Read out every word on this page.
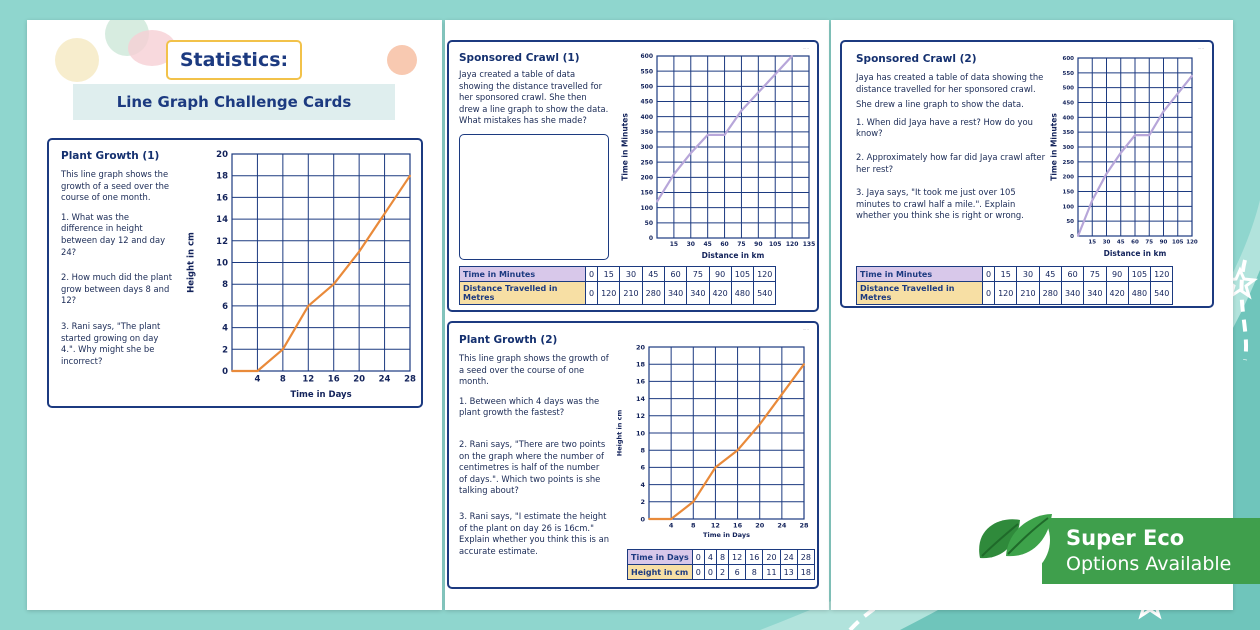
Statistics:
Line Graph Challenge Cards
Plant Growth (1)

This line graph shows the growth of a seed over the course of one month.

1. What was the difference in height between day 12 and day 24?

2. How much did the plant grow between days 8 and 12?

3. Rani says, "The plant started growing on day 4.". Why might she be incorrect?

4 8 12 16 20 24 28
0
2
4
6
8
10
12
14
16
18
20
Time in Days
Height in cm
·····
Sponsored Crawl (1)

Jaya created a table of data showing the distance travelled for her sponsored crawl. She then drew a line graph to show the data. What mistakes has she made?

15 30 45 60 75 90 105 120 135
0
50
100
150
200
250
300
350
400
450
500
550
600
Distance in km
Time in Minutes
Time in Minutes	0	15	30	45	60	75	90	105	120
Distance Travelled in Metres	0	120	210	280	340	340	420	480	540
·····
Plant Growth (2)

This line graph shows the growth of a seed over the course of one month.

1. Between which 4 days was the plant growth the fastest?

2. Rani says, "There are two points on the graph where the number of centimetres is half of the number of days.". Which two points is she talking about?

3. Rani says, "I estimate the height of the plant on day 26 is 16cm." Explain whether you think this is an accurate estimate.

4	8 12 16 20 24 28
0
2
4
6
8
10
12
14
16
18
20
Time in Days
Height in cm
Time in Days	0	4	8	12	16	20	24	28
Height in cm	0	0	2	6	8	11	13	18
·····
Sponsored Crawl (2)

Jaya has created a table of data showing the distance travelled for her sponsored crawl.

She drew a line graph to show the data.

1. When did Jaya have a rest? How do you know?

2. Approximately how far did Jaya crawl after her rest?

3. Jaya says, "It took me just over 105 minutes to crawl half a mile.". Explain whether you think she is right or wrong.

15 30 45 60 75 90 105 120
0
50
100
150
200
250
300
350
400
450
500
550
600
Distance in km
Time in Minutes
Time in Minutes	0	15	30	45	60	75	90	105	120
Distance Travelled in Metres	0	120	210	280	340	340	420	480	540
Super Eco
Options Available
